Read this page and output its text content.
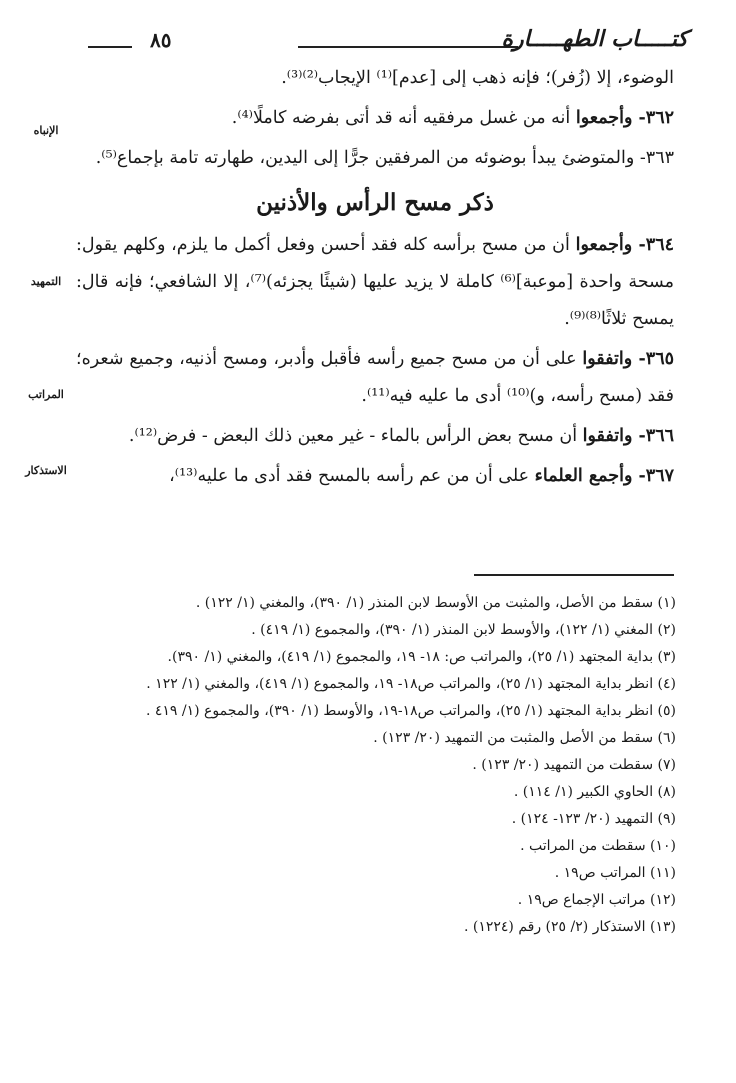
٨٥	كتـــــاب الطهـــــارة
الإنباه
التمهيد
المراتب
الاستذكار

الوضوء، إلا (زُفر)؛ فإنه ذهب إلى [عدم]⁽¹⁾ الإيجاب⁽²⁾⁽³⁾.

٣٦٢- وأجمعوا أنه من غسل مرفقيه أنه قد أتى بفرضه كاملًا⁽⁴⁾.

٣٦٣- والمتوضئ يبدأ بوضوئه من المرفقين جرًّا إلى اليدين، طهارته تامة بإجماع⁽⁵⁾.

ذكر مسح الرأس والأذنين

٣٦٤- وأجمعوا أن من مسح برأسه كله فقد أحسن وفعل أكمل ما يلزم، وكلهم يقول: مسحة واحدة [موعبة]⁽⁶⁾ كاملة لا يزيد عليها (شيئًا يجزئه)⁽⁷⁾، إلا الشافعي؛ فإنه قال: يمسح ثلاثًا⁽⁸⁾⁽⁹⁾.

٣٦٥- واتفقوا على أن من مسح جميع رأسه فأقبل وأدبر، ومسح أذنيه، وجميع شعره؛ فقد (مسح رأسه، و)⁽¹⁰⁾ أدى ما عليه فيه⁽¹¹⁾.

٣٦٦- واتفقوا أن مسح بعض الرأس بالماء - غير معين ذلك البعض - فرض⁽¹²⁾.

٣٦٧- وأجمع العلماء على أن من عم رأسه بالمسح فقد أدى ما عليه⁽¹³⁾،

(١) سقط من الأصل، والمثبت من الأوسط لابن المنذر (١/ ٣٩٠)، والمغني (١/ ١٢٢) .

(٢) المغني (١/ ١٢٢)، والأوسط لابن المنذر (١/ ٣٩٠)، والمجموع (١/ ٤١٩) .

(٣) بداية المجتهد (١/ ٢٥)، والمراتب ص: ١٨- ١٩، والمجموع (١/ ٤١٩)، والمغني (١/ ٣٩٠).

(٤) انظر بداية المجتهد (١/ ٢٥)، والمراتب ص١٨- ١٩، والمجموع (١/ ٤١٩)، والمغني (١/ ١٢٢ .

(٥) انظر بداية المجتهد (١/ ٢٥)، والمراتب ص١٨-١٩، والأوسط (١/ ٣٩٠)، والمجموع (١/ ٤١٩ .

(٦) سقط من الأصل والمثبت من التمهيد (٢٠/ ١٢٣) .

(٧) سقطت من التمهيد (٢٠/ ١٢٣) .

(٨) الحاوي الكبير (١/ ١١٤) .

(٩) التمهيد (٢٠/ ١٢٣- ١٢٤) .

(١٠) سقطت من المراتب .

(١١) المراتب ص١٩ .

(١٢) مراتب الإجماع ص١٩ .

(١٣) الاستذكار (٢/ ٢٥) رقم (١٢٢٤) .
